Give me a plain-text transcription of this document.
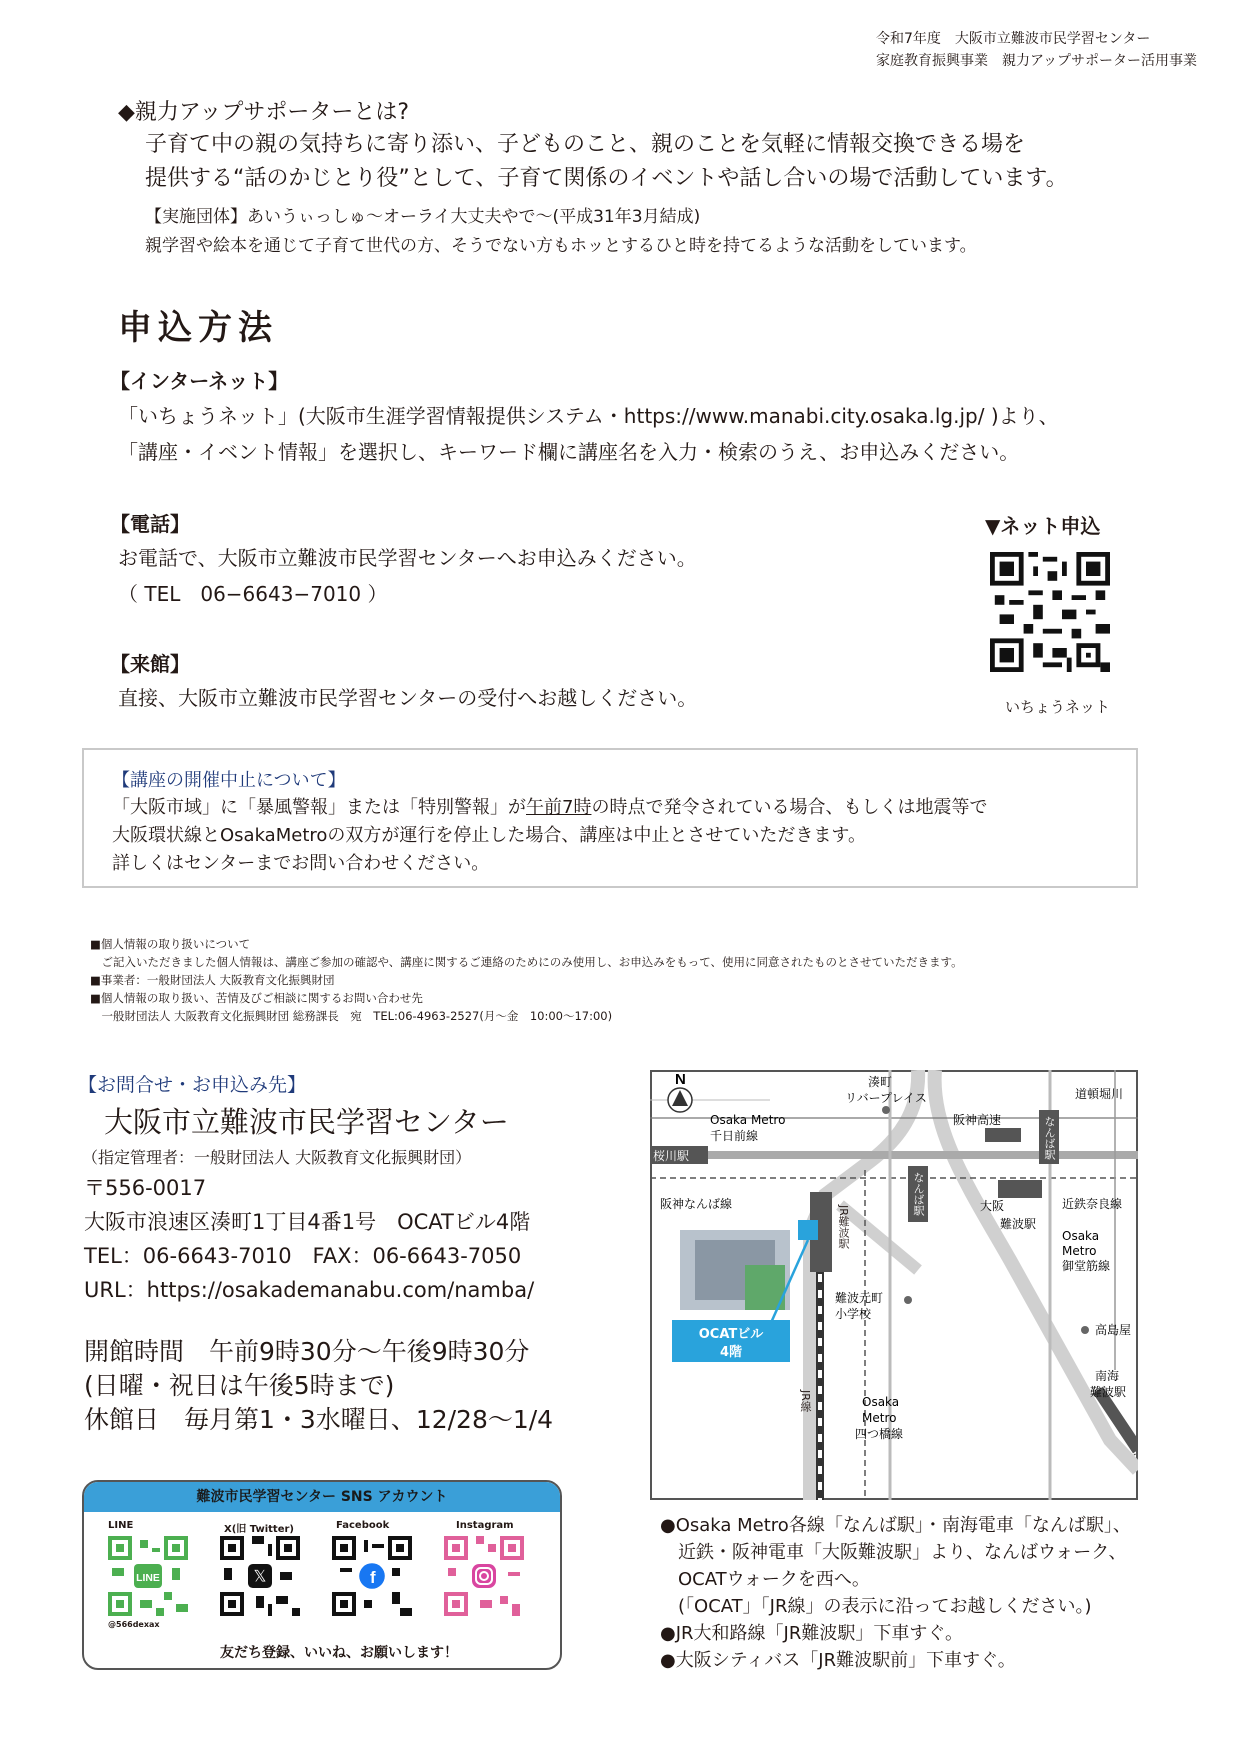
令和7年度　大阪市立難波市民学習センター
家庭教育振興事業　親力アップサポーター活用事業
◆親力アップサポーターとは?
子育て中の親の気持ちに寄り添い、子どものこと、親のことを気軽に情報交換できる場を
提供する“話のかじとり役”として、子育て関係のイベントや話し合いの場で活動しています。
【実施団体】あいうぃっしゅ〜オーライ大丈夫やで〜(平成31年3月結成)
親学習や絵本を通じて子育て世代の方、そうでない方もホッとするひと時を持てるような活動をしています。
申込方法
【インターネット】
「いちょうネット」(大阪市生涯学習情報提供システム・https://www.manabi.city.osaka.lg.jp/ )より、
「講座・イベント情報」を選択し、キーワード欄に講座名を入力・検索のうえ、お申込みください。
【電話】
お電話で、大阪市立難波市民学習センターへお申込みください。
（ TEL　06−6643−7010 ）
【来館】
直接、大阪市立難波市民学習センターの受付へお越しください。
▼ネット申込
いちょうネット
【講座の開催中止について】
「大阪市域」に「暴風警報」または「特別警報」が午前7時の時点で発令されている場合、もしくは地震等で
大阪環状線とOsakaMetroの双方が運行を停止した場合、講座は中止とさせていただきます。
詳しくはセンターまでお問い合わせください。
■個人情報の取り扱いについて
　ご記入いただきました個人情報は、講座ご参加の確認や、講座に関するご連絡のためにのみ使用し、お申込みをもって、使用に同意されたものとさせていただきます。
■事業者：一般財団法人 大阪教育文化振興財団
■個人情報の取り扱い、苦情及びご相談に関するお問い合わせ先
　一般財団法人 大阪教育文化振興財団 総務課長　宛　TEL:06-4963-2527(月〜金　10:00〜17:00)
【お問合せ・お申込み先】
大阪市立難波市民学習センター
（指定管理者：一般財団法人 大阪教育文化振興財団）
〒556-0017
大阪市浪速区湊町1丁目4番1号　OCATビル4階
TEL：06-6643-7010　FAX：06-6643-7050
URL：https://osakademanabu.com/namba/
開館時間　午前9時30分〜午後9時30分
(日曜・祝日は午後5時まで)
休館日　毎月第1・3水曜日、12/28〜1/4
難波市民学習センター SNS アカウント
LINE	X(旧 Twitter)	Facebook	Instagram
LINE	𝕏	f
@566dexax
友だち登録、いいね、お願いします！
N	湊町
リバープレイス	道頓堀川
Osaka Metro
千日前線
阪神高速
桜川駅
阪神なんば線	大阪
難波駅
近鉄奈良線
Osaka
Metro
御堂筋線
難波元町
小学校
高島屋
OCATビル
4階
南海
難波駅
Osaka
Metro
四つ橋線
なんば駅
なんば駅
JR難波駅
JR線
●Osaka Metro各線「なんば駅」・南海電車「なんば駅」、
　近鉄・阪神電車「大阪難波駅」より、なんばウォーク、
　OCATウォークを西へ。
　(「OCAT」「JR線」の表示に沿ってお越しください。)
●JR大和路線「JR難波駅」下車すぐ。
●大阪シティバス「JR難波駅前」下車すぐ。
